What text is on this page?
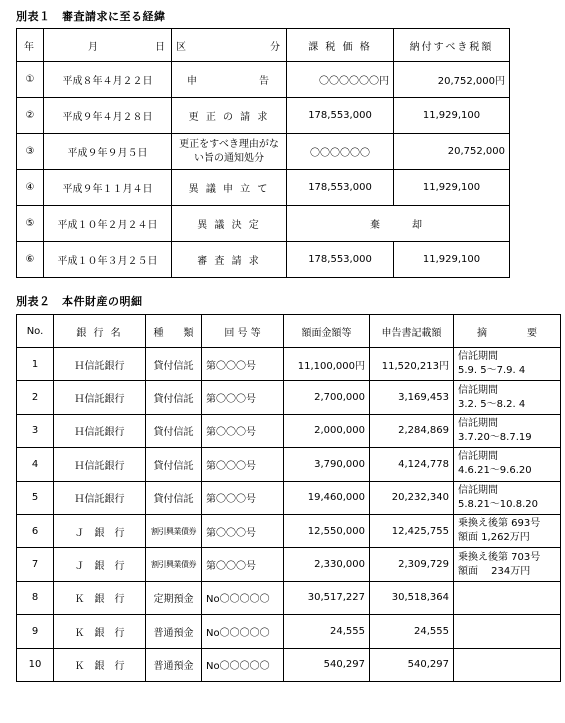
別表１　審査請求に至る経緯
年	月 日	区 分	課 税 価 格	納付すべき税額
①	平成８年４月２２日	申　　　　　告	〇〇〇〇〇〇円	20,752,000円
②	平成９年４月２８日	更 正 の 請 求	178,553,000	11,929,100
③	平成９年９月５日	更正をすべき理由がない旨の通知処分	〇〇〇〇〇〇	20,752,000
④	平成９年１１月４日	異 議 申 立 て	178,553,000	11,929,100
⑤	平成１０年２月２４日	異 議 決 定	棄　　却	
⑥	平成１０年３月２５日	審 査 請 求	178,553,000	11,929,100
別表２　本件財産の明細
No.	銀 行 名	種　　類	回 号 等	額面金額等	申告書記載額	摘　　　　要
1	Ｈ信託銀行	貸付信託	第〇〇〇号	11,100,000円	11,520,213円	信託期間
5.9. 5～7.9. 4

2	Ｈ信託銀行	貸付信託	第〇〇〇号	2,700,000	3,169,453	信託期間
3.2. 5～8.2. 4

3	Ｈ信託銀行	貸付信託	第〇〇〇号	2,000,000	2,284,869	信託期間
3.7.20～8.7.19

4	Ｈ信託銀行	貸付信託	第〇〇〇号	3,790,000	4,124,778	信託期間
4.6.21～9.6.20

5	Ｈ信託銀行	貸付信託	第〇〇〇号	19,460,000	20,232,340	信託期間
5.8.21～10.8.20

6	Ｊ　銀　行	割引興業債券	第〇〇〇号	12,550,000	12,425,755	乗換え後第 693号
額面 1,262万円

7	Ｊ　銀　行	割引興業債券	第〇〇〇号	2,330,000	2,309,729	乗換え後第 703号
額面　 234万円

8	Ｋ　銀　行	定期預金	No〇〇〇〇〇	30,517,227	30,518,364	

9	Ｋ　銀　行	普通預金	No〇〇〇〇〇	24,555	24,555	

10	Ｋ　銀　行	普通預金	No〇〇〇〇〇	540,297	540,297	
